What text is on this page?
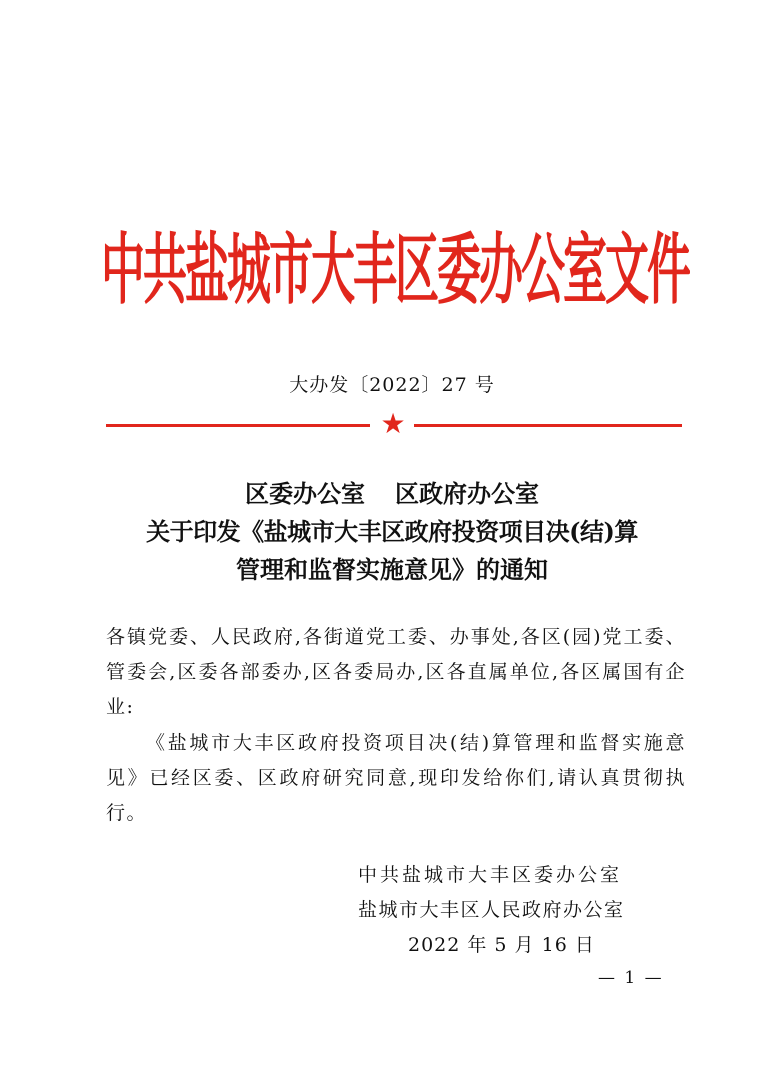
中共盐城市大丰区委办公室文件
大办发〔2022〕27 号
★
区委办公室 区政府办公室
关于印发《盐城市大丰区政府投资项目决(结)算
管理和监督实施意见》的通知
各镇党委、人民政府,各街道党工委、办事处,各区(园)党工委、管委会,区委各部委办,区各委局办,区各直属单位,各区属国有企业:
《盐城市大丰区政府投资项目决(结)算管理和监督实施意见》已经区委、区政府研究同意,现印发给你们,请认真贯彻执行。
中共盐城市大丰区委办公室
盐城市大丰区人民政府办公室
2022 年 5 月 16 日
— 1 —
